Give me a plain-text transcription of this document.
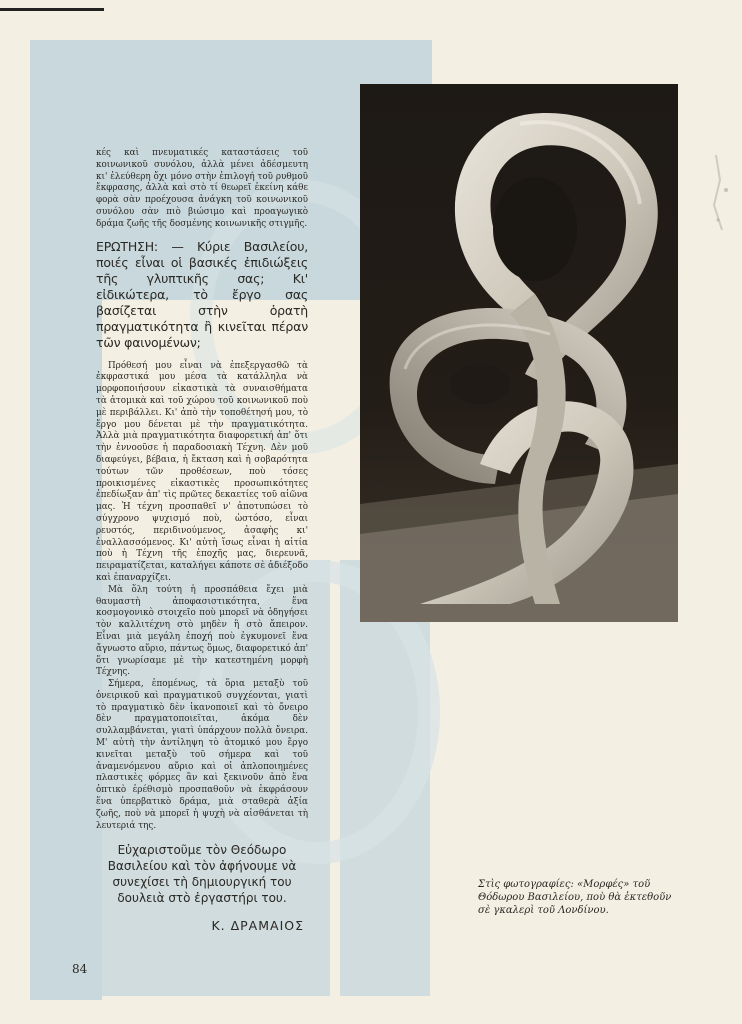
κές καὶ πνευματικές καταστάσεις τοῦ κοινωνικοῦ συνόλου, ἀλλὰ μένει ἀδέσμευτη κι' ἐλεύθερη ὄχι μόνο στὴν ἐπιλογή τοῦ ρυθμοῦ ἔκφρασης, ἀλλὰ καὶ στὸ τί θεωρεῖ ἐκείνη κάθε φορὰ σὰν προέχουσα ἀνάγκη τοῦ κοινωνικοῦ συνόλου σὰν πιὸ βιώσιμο καὶ προαγωγικὸ δράμα ζωῆς τῆς δοσμένης κοινωνικῆς στιγμῆς.

ΕΡΩΤΗΣΗ: — Κύριε Βασιλείου, ποιές εἶναι οἱ βασικές ἐπιδιώξεις τῆς γλυπτικῆς σας; Κι' εἰδικώτερα, τὸ ἔργο σας βασίζεται στὴν ὁρατὴ πραγματικότητα ἢ κινεῖται πέραν τῶν φαινομένων;

Πρόθεσή μου εἶναι νὰ ἐπεξεργασθῶ τὰ ἐκφραστικά μου μέσα τὰ κατάλληλα νὰ μορφοποιήσουν εἰκαστικὰ τὰ συναισθήματα τὰ ἀτομικὰ καὶ τοῦ χώρου τοῦ κοινωνικοῦ ποὺ μὲ περιβάλλει. Κι' ἀπὸ τὴν τοποθέτησή μου, τὸ ἔργο μου δένεται μὲ τὴν πραγματικότητα. Ἀλλὰ μιὰ πραγματικότητα διαφορετική ἀπ' ὅτι τὴν ἐννοοῦσε ἡ παραδοσιακὴ Τέχνη. Δὲν μοῦ διαφεύγει, βέβαια, ἡ ἔκταση καὶ ἡ σοβαρότητα τούτων τῶν προθέσεων, ποὺ τόσες προικισμένες εἰκαστικὲς προσωπικότητες ἐπεδίωξαν ἀπ' τὶς πρῶτες δεκαετίες τοῦ αἰῶνα μας. Ἡ τέχνη προσπαθεῖ ν' ἀποτυπώσει τὸ σύγχρονο ψυχισμό ποὺ, ὡστόσο, εἶναι ρευστός, περιδινούμενος, ἀσαφὴς κι' ἐναλλασσόμενος. Κι' αὐτὴ ἴσως εἶναι ἡ αἰτία ποὺ ἡ Τέχνη τῆς ἐποχῆς μας, διερευνᾶ, πειραματίζεται, καταλήγει κάποτε σὲ ἀδιέξοδο καὶ ἐπαναρχίζει.

Μὰ ὅλη τούτη ἡ προσπάθεια ἔχει μιὰ θαυμαστὴ ἀποφασιστικότητα, ἕνα κοσμογονικὸ στοιχεῖο ποὺ μπορεῖ νὰ ὁδηγήσει τὸν καλλιτέχνη στὸ μηδὲν ἢ στὸ ἄπειρον. Εἶναι μιὰ μεγάλη ἐποχή ποὺ ἐγκυμονεῖ ἕνα ἄγνωστο αὔριο, πάντως ὅμως, διαφορετικό ἀπ' ὅτι γνωρίσαμε μὲ τὴν κατεστημένη μορφὴ Τέχνης.

Σήμερα, ἑπομένως, τὰ ὅρια μεταξὺ τοῦ ὀνειρικοῦ καὶ πραγματικοῦ συγχέονται, γιατὶ τὸ πραγματικὸ δὲν ἱκανοποιεῖ καὶ τὸ ὄνειρο δὲν πραγματοποιεῖται, ἀκόμα δὲν συλλαμβάνεται, γιατὶ ὑπάρχουν πολλὰ ὄνειρα. Μ' αὐτὴ τὴν ἀντίληψη τὸ ἀτομικό μου ἔργο κινεῖται μεταξὺ τοῦ σήμερα καὶ τοῦ ἀναμενόμενου αὔριο καὶ οἱ ἀπλοποιημένες πλαστικὲς φόρμες ἂν καὶ ξεκινοῦν ἀπὸ ἕνα ὀπτικὸ ἐρέθισμὸ προσπαθοῦν νὰ ἐκφράσουν ἕνα ὑπερβατικὸ δράμα, μιὰ σταθερὰ ἀξία ζωῆς, ποὺ νὰ μπορεῖ ἡ ψυχὴ νὰ αἰσθάνεται τὴ λευτεριά της.

Εὐχαριστοῦμε τὸν Θεόδωρο Βασιλείου καὶ τὸν ἀφήνουμε νὰ συνεχίσει τὴ δημιουργική του δουλειὰ στὸ ἐργαστήρι του.

Κ. ΔΡΑΜΑΙΟΣ

Στὶς φωτογραφίες: «Μορφές» τοῦ Θόδωρου Βασιλείου, ποὺ θὰ ἐκτεθοῦν σὲ γκαλερὶ τοῦ Λονδίνου.
84
